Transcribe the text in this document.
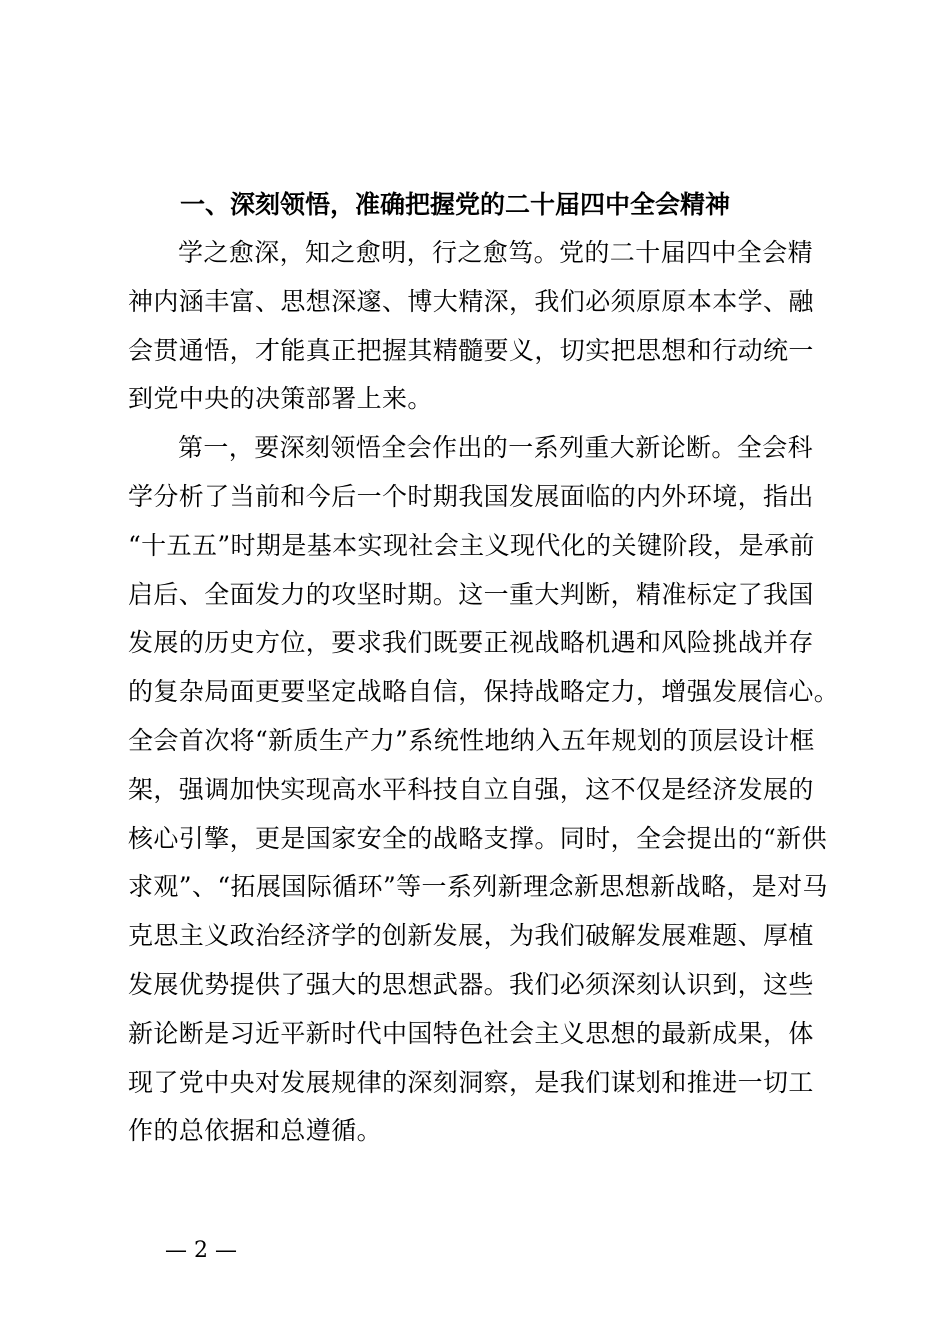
一、深刻领悟，准确把握党的二十届四中全会精神
学之愈深，知之愈明，行之愈笃。党的二十届四中全会精
神内涵丰富、思想深邃、博大精深，我们必须原原本本学、融
会贯通悟，才能真正把握其精髓要义，切实把思想和行动统一
到党中央的决策部署上来。
第一，要深刻领悟全会作出的一系列重大新论断。全会科
学分析了当前和今后一个时期我国发展面临的内外环境，指出
“十五五”时期是基本实现社会主义现代化的关键阶段，是承前
启后、全面发力的攻坚时期。这一重大判断，精准标定了我国
发展的历史方位，要求我们既要正视战略机遇和风险挑战并存
的复杂局面更要坚定战略自信，保持战略定力，增强发展信心。
全会首次将“新质生产力”系统性地纳入五年规划的顶层设计框
架，强调加快实现高水平科技自立自强，这不仅是经济发展的
核心引擎，更是国家安全的战略支撑。同时，全会提出的“新供
求观”、“拓展国际循环”等一系列新理念新思想新战略，是对马
克思主义政治经济学的创新发展，为我们破解发展难题、厚植
发展优势提供了强大的思想武器。我们必须深刻认识到，这些
新论断是习近平新时代中国特色社会主义思想的最新成果，体
现了党中央对发展规律的深刻洞察，是我们谋划和推进一切工
作的总依据和总遵循。
— 2 —
